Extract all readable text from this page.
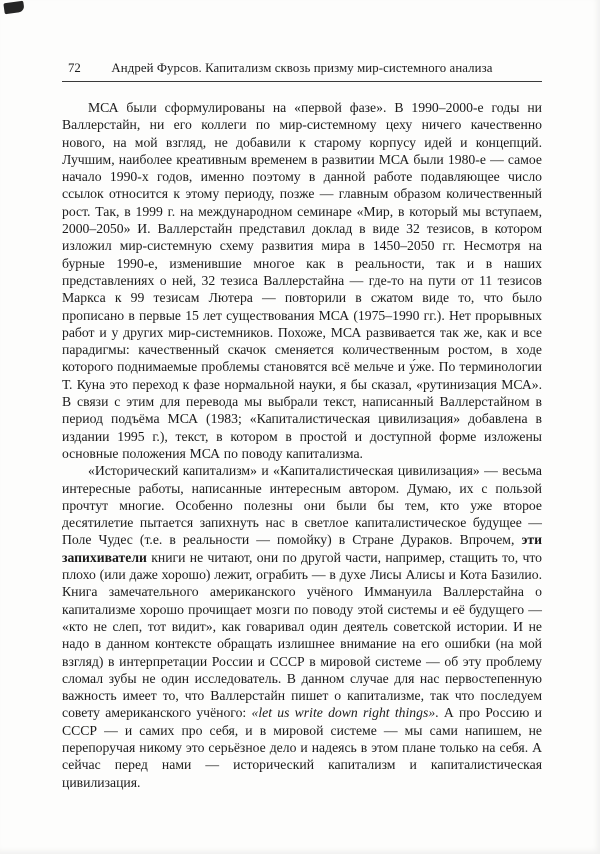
72	Андрей Фурсов. Капитализм сквозь призму мир-системного анализа

МСА были сформулированы на «первой фазе». В 1990–2000-е годы ни Валлерстайн, ни его коллеги по мир-системному цеху ничего качественно нового, на мой взгляд, не добавили к старому корпусу идей и концепций. Лучшим, наиболее креативным временем в развитии МСА были 1980-е — самое начало 1990-х годов, именно поэтому в данной работе подавляющее число ссылок относится к этому периоду, позже — главным образом количественный рост. Так, в 1999 г. на международном семинаре «Мир, в который мы вступаем, 2000–2050» И. Валлерстайн представил доклад в виде 32 тезисов, в котором изложил мир-системную схему развития мира в 1450–2050 гг. Несмотря на бурные 1990-е, изменившие многое как в реальности, так и в наших представлениях о ней, 32 тезиса Валлерстайна — где-то на пути от 11 тезисов Маркса к 99 тезисам Лютера — повторили в сжатом виде то, что было прописано в первые 15 лет существования МСА (1975–1990 гг.). Нет прорывных работ и у других мир-системников. Похоже, МСА развивается так же, как и все парадигмы: качественный скачок сменяется количественным ростом, в ходе которого поднимаемые проблемы становятся всё мельче и у́же. По терминологии Т. Куна это переход к фазе нормальной науки, я бы сказал, «рутинизация МСА». В связи с этим для перевода мы выбрали текст, написанный Валлерстайном в период подъёма МСА (1983; «Капиталистическая цивилизация» добавлена в издании 1995 г.), текст, в котором в простой и доступной форме изложены основные положения МСА по поводу капитализма.

«Исторический капитализм» и «Капиталистическая цивилизация» — весьма интересные работы, написанные интересным автором. Думаю, их с пользой прочтут многие. Особенно полезны они были бы тем, кто уже второе десятилетие пытается запихнуть нас в светлое капиталистическое будущее — Поле Чудес (т.е. в реальности — помойку) в Стране Дураков. Впрочем, эти запихиватели книги не читают, они по другой части, например, стащить то, что плохо (или даже хорошо) лежит, ограбить — в духе Лисы Алисы и Кота Базилио. Книга замечательного американского учёного Иммануила Валлерстайна о капитализме хорошо прочищает мозги по поводу этой системы и её будущего — «кто не слеп, тот видит», как говаривал один деятель советской истории. И не надо в данном контексте обращать излишнее внимание на его ошибки (на мой взгляд) в интерпретации России и СССР в мировой системе — об эту проблему сломал зубы не один исследователь. В данном случае для нас первостепенную важность имеет то, что Валлерстайн пишет о капитализме, так что последуем совету американского учёного: «let us write down right things». А про Россию и СССР — и самих про себя, и в мировой системе — мы сами напишем, не перепоручая никому это серьёзное дело и надеясь в этом плане только на себя. А сейчас перед нами — исторический капитализм и капиталистическая цивилизация.
